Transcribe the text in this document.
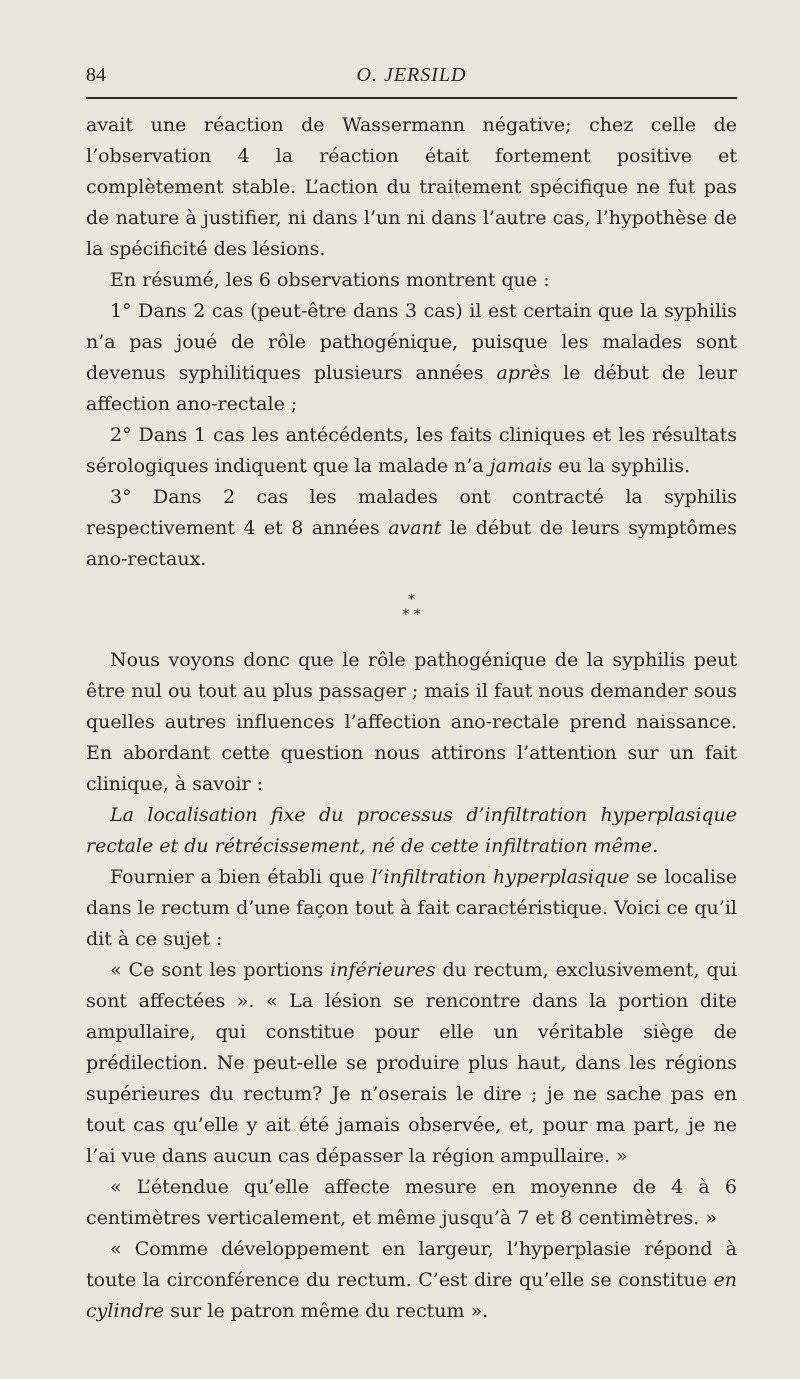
84	O. JERSILD

avait une réaction de Wassermann négative; chez celle de l’observation 4 la réaction était fortement positive et complètement stable. L’action du traitement spécifique ne fut pas de nature à justifier, ni dans l’un ni dans l’autre cas, l’hypothèse de la spécificité des lésions.

En résumé, les 6 observations montrent que :

1° Dans 2 cas (peut-être dans 3 cas) il est certain que la syphilis n’a pas joué de rôle pathogénique, puisque les malades sont devenus syphilitiques plusieurs années après le début de leur affection ano-rectale ;

2° Dans 1 cas les antécédents, les faits cliniques et les résultats sérologiques indiquent que la malade n’a jamais eu la syphilis.

3° Dans 2 cas les malades ont contracté la syphilis respectivement 4 et 8 années avant le début de leurs symptômes ano-rectaux.

*
* *

Nous voyons donc que le rôle pathogénique de la syphilis peut être nul ou tout au plus passager ; mais il faut nous demander sous quelles autres influences l’affection ano-rectale prend naissance. En abordant cette question nous attirons l’attention sur un fait clinique, à savoir :

La localisation fixe du processus d’infiltration hyperplasique rectale et du rétrécissement, né de cette infiltration même.

Fournier a bien établi que l’infiltration hyperplasique se localise dans le rectum d’une façon tout à fait caractéristique. Voici ce qu’il dit à ce sujet :

« Ce sont les portions inférieures du rectum, exclusivement, qui sont affectées ». « La lésion se rencontre dans la portion dite ampullaire, qui constitue pour elle un véritable siège de prédilection. Ne peut-elle se produire plus haut, dans les régions supérieures du rectum? Je n’oserais le dire ; je ne sache pas en tout cas qu’elle y ait été jamais observée, et, pour ma part, je ne l’ai vue dans aucun cas dépasser la région ampullaire. »

« L’étendue qu’elle affecte mesure en moyenne de 4 à 6 centimètres verticalement, et même jusqu’à 7 et 8 centimètres. »

« Comme développement en largeur, l’hyperplasie répond à toute la circonférence du rectum. C’est dire qu’elle se constitue en cylindre sur le patron même du rectum ».
